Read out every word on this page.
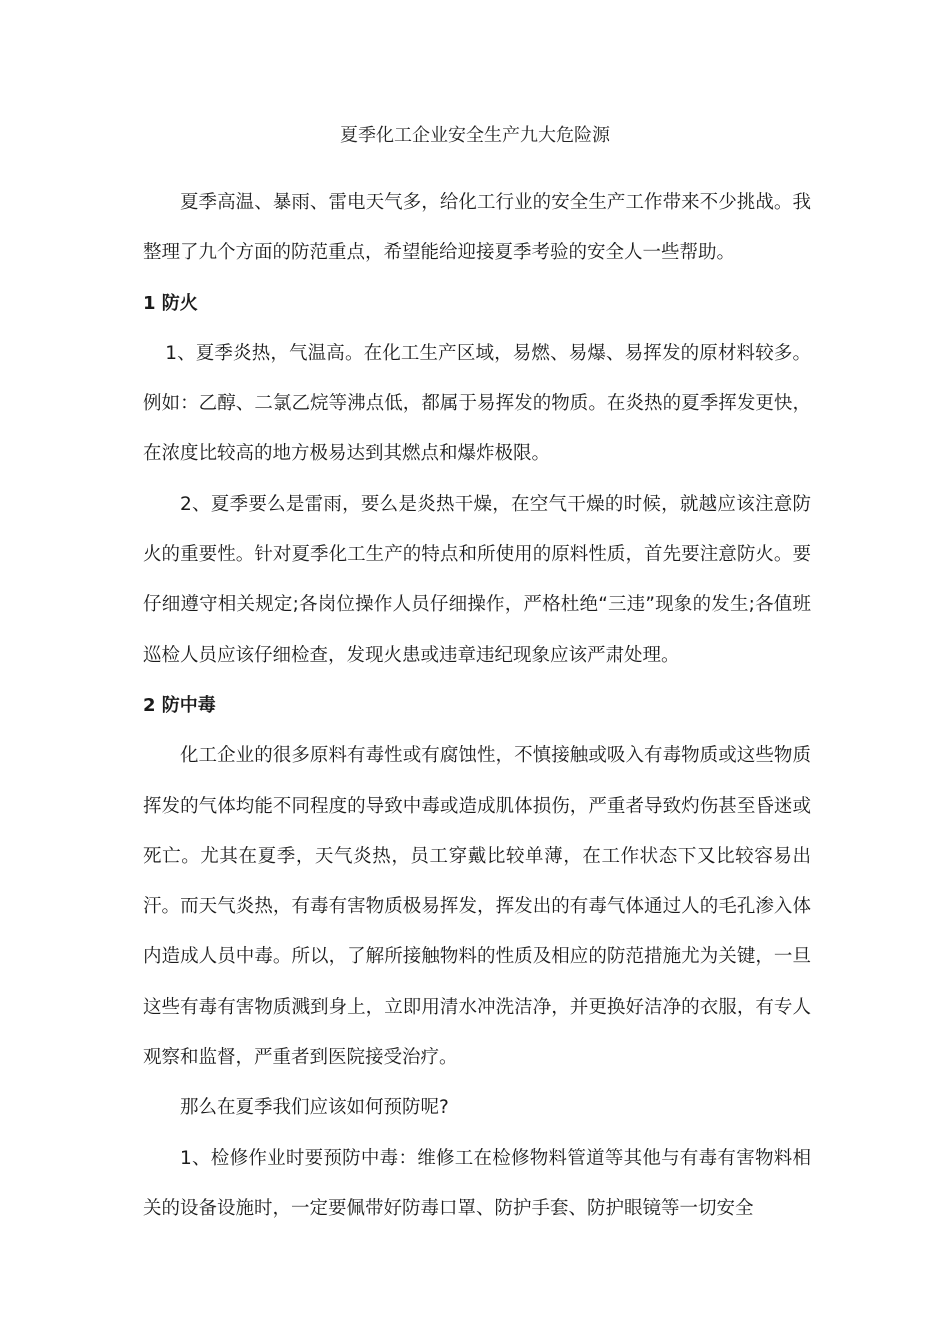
夏季化工企业安全生产九大危险源

夏季高温、暴雨、雷电天气多，给化工行业的安全生产工作带来不少挑战。我整理了九个方面的防范重点，希望能给迎接夏季考验的安全人一些帮助。

1 防火

1、夏季炎热，气温高。在化工生产区域，易燃、易爆、易挥发的原材料较多。例如：乙醇、二氯乙烷等沸点低，都属于易挥发的物质。在炎热的夏季挥发更快，在浓度比较高的地方极易达到其燃点和爆炸极限。

2、夏季要么是雷雨，要么是炎热干燥，在空气干燥的时候，就越应该注意防火的重要性。针对夏季化工生产的特点和所使用的原料性质，首先要注意防火。要仔细遵守相关规定;各岗位操作人员仔细操作，严格杜绝“三违”现象的发生;各值班巡检人员应该仔细检查，发现火患或违章违纪现象应该严肃处理。

2 防中毒

化工企业的很多原料有毒性或有腐蚀性，不慎接触或吸入有毒物质或这些物质挥发的气体均能不同程度的导致中毒或造成肌体损伤，严重者导致灼伤甚至昏迷或死亡。尤其在夏季，天气炎热，员工穿戴比较单薄，在工作状态下又比较容易出汗。而天气炎热，有毒有害物质极易挥发，挥发出的有毒气体通过人的毛孔渗入体内造成人员中毒。所以，了解所接触物料的性质及相应的防范措施尤为关键，一旦这些有毒有害物质溅到身上，立即用清水冲洗洁净，并更换好洁净的衣服，有专人观察和监督，严重者到医院接受治疗。

那么在夏季我们应该如何预防呢?

1、检修作业时要预防中毒：维修工在检修物料管道等其他与有毒有害物料相关的设备设施时，一定要佩带好防毒口罩、防护手套、防护眼镜等一切安全
